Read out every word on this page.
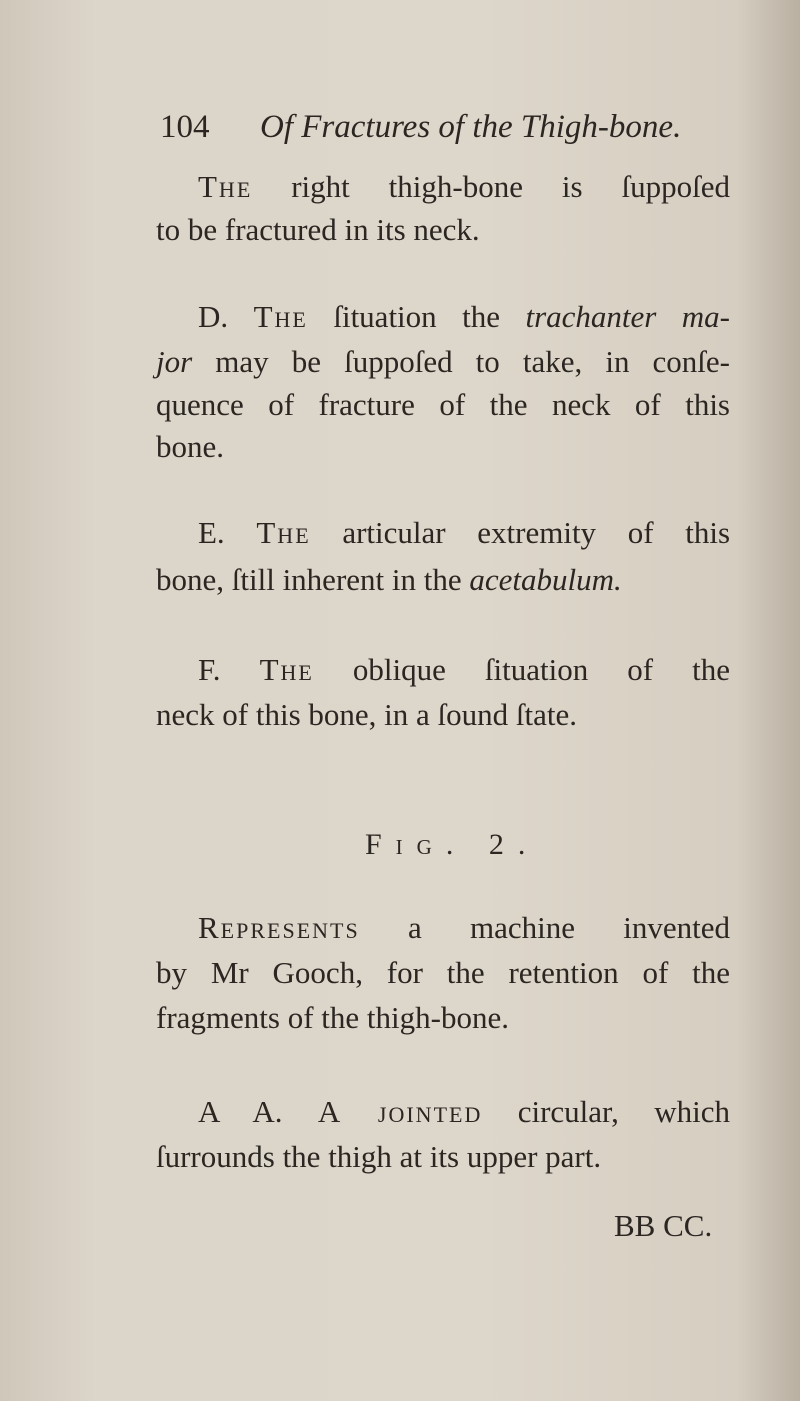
104 Of Fractures of the Thigh-bone.
The right thigh-bone is ſuppoſed
to be fractured in its neck.
D. The ſituation the trachanter ma-
jor may be ſuppoſed to take, in conſe-
quence of fracture of the neck of this
bone.
E. The articular extremity of this
bone, ſtill inherent in the acetabulum.
F. The oblique ſituation of the
neck of this bone, in a ſound ſtate.
Fig. 2.
Represents a machine invented
by Mr Gooch, for the retention of the
fragments of the thigh-bone.
A A. A jointed circular, which
ſurrounds the thigh at its upper part.
BB CC.
